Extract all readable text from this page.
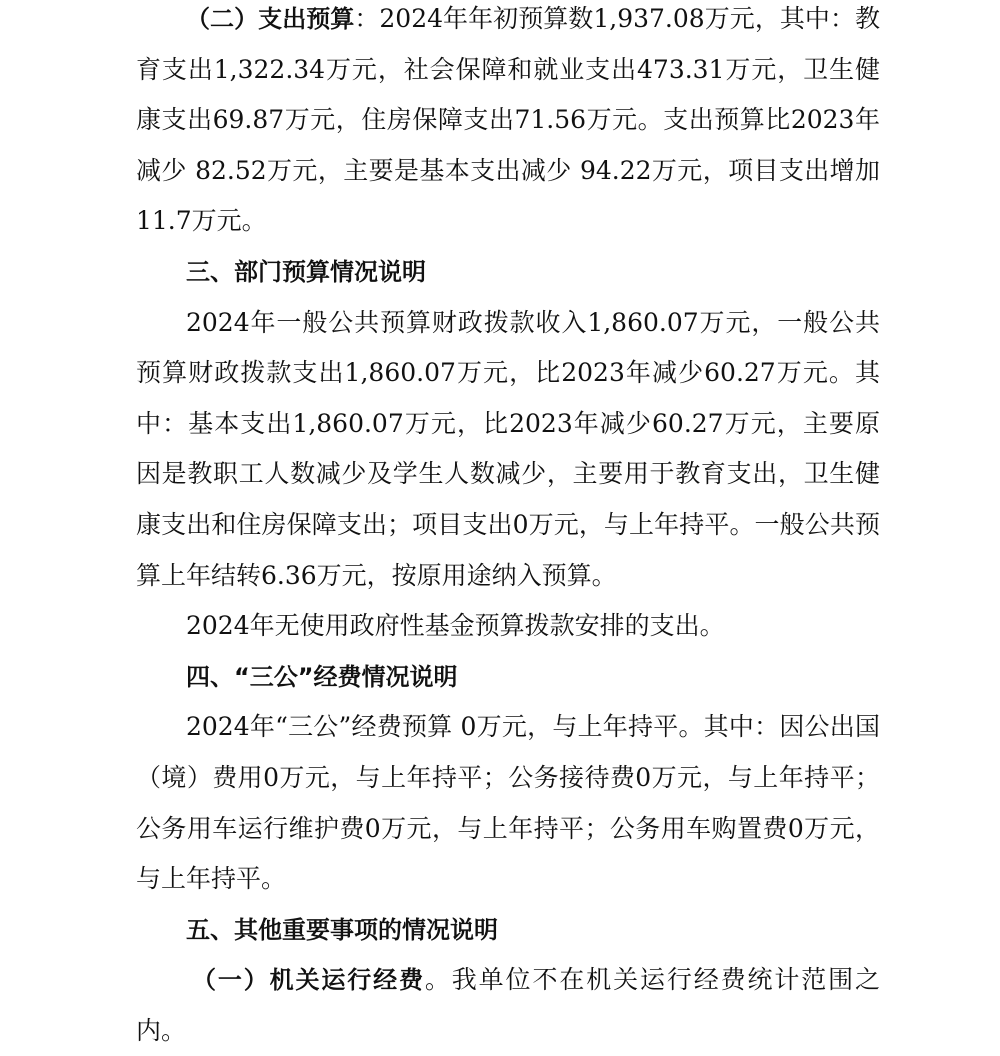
（二）支出预算：2024年年初预算数1,937.08万元，其中：教育支出1,322.34万元，社会保障和就业支出473.31万元，卫生健康支出69.87万元，住房保障支出71.56万元。支出预算比2023年减少 82.52万元，主要是基本支出减少 94.22万元，项目支出增加11.7万元。

三、部门预算情况说明

2024年一般公共预算财政拨款收入1,860.07万元，一般公共预算财政拨款支出1,860.07万元，比2023年减少60.27万元。其中：基本支出1,860.07万元，比2023年减少60.27万元，主要原因是教职工人数减少及学生人数减少，主要用于教育支出，卫生健康支出和住房保障支出；项目支出0万元，与上年持平。一般公共预算上年结转6.36万元，按原用途纳入预算。

2024年无使用政府性基金预算拨款安排的支出。

四、“三公”经费情况说明

2024年“三公”经费预算 0万元，与上年持平。其中：因公出国（境）费用0万元，与上年持平；公务接待费0万元，与上年持平；公务用车运行维护费0万元，与上年持平；公务用车购置费0万元，与上年持平。

五、其他重要事项的情况说明

（一）机关运行经费。我单位不在机关运行经费统计范围之内。
